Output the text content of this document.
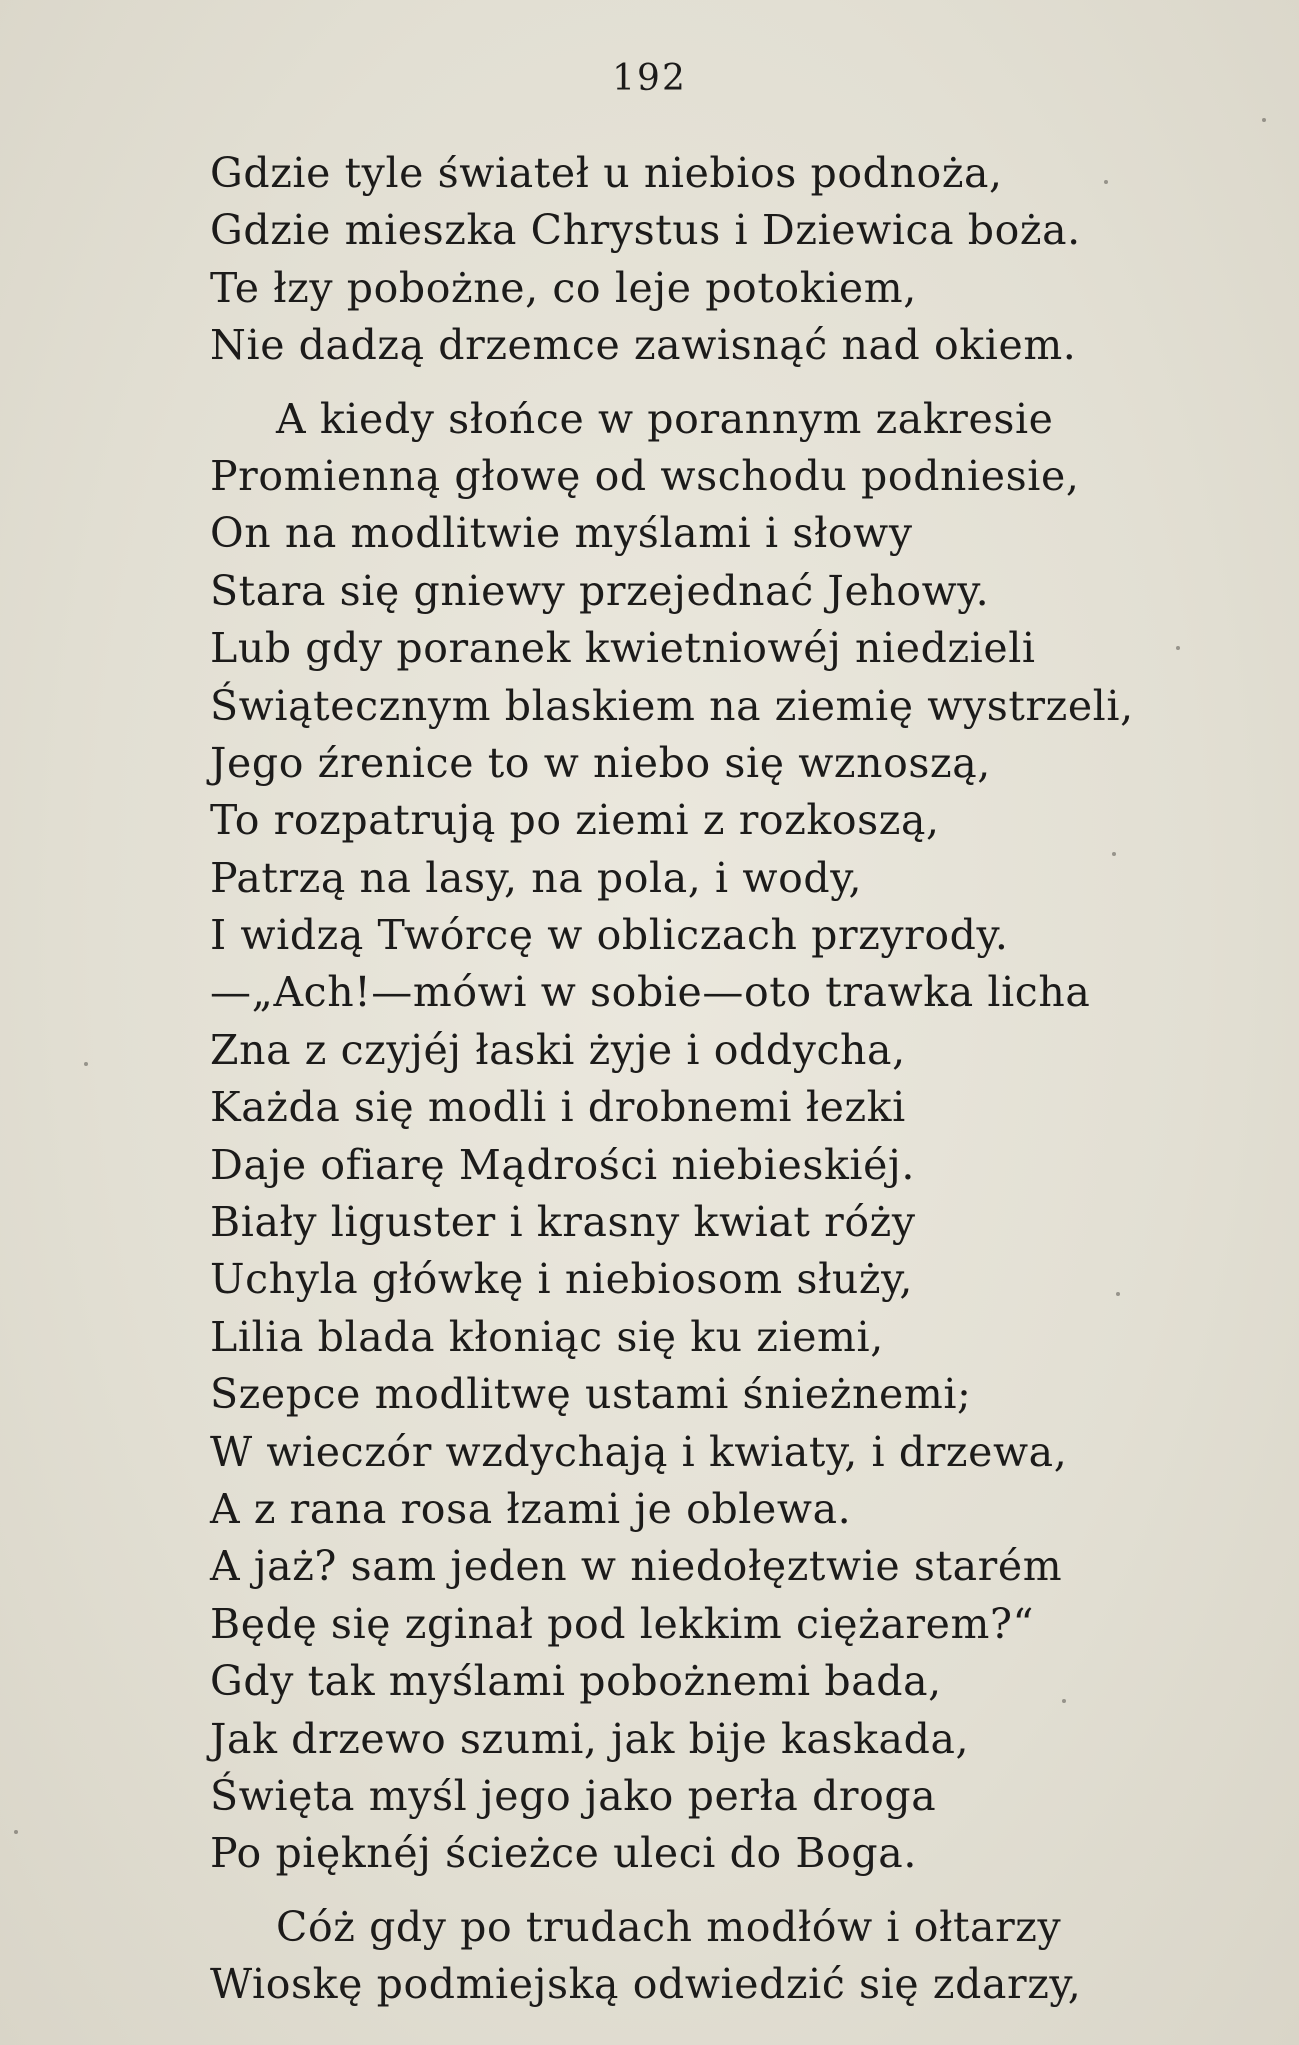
192
Gdzie tyle świateł u niebios podnoża,
Gdzie mieszka Chrystus i Dziewica boża.
Te łzy pobożne, co leje potokiem,
Nie dadzą drzemce zawisnąć nad okiem.
A kiedy słońce w porannym zakresie
Promienną głowę od wschodu podniesie,
On na modlitwie myślami i słowy
Stara się gniewy przejednać Jehowy.
Lub gdy poranek kwietniowéj niedzieli
Świątecznym blaskiem na ziemię wystrzeli,
Jego źrenice to w niebo się wznoszą,
To rozpatrują po ziemi z rozkoszą,
Patrzą na lasy, na pola, i wody,
I widzą Twórcę w obliczach przyrody.
—„Ach!—mówi w sobie—oto trawka licha
Zna z czyjéj łaski żyje i oddycha,
Każda się modli i drobnemi łezki
Daje ofiarę Mądrości niebieskiéj.
Biały liguster i krasny kwiat róży
Uchyla główkę i niebiosom służy,
Lilia blada kłoniąc się ku ziemi,
Szepce modlitwę ustami śnieżnemi;
W wieczór wzdychają i kwiaty, i drzewa,
A z rana rosa łzami je oblewa.
A jaż? sam jeden w niedołęztwie starém
Będę się zginał pod lekkim ciężarem?“
Gdy tak myślami pobożnemi bada,
Jak drzewo szumi, jak bije kaskada,
Święta myśl jego jako perła droga
Po pięknéj ścieżce uleci do Boga.
Cóż gdy po trudach modłów i ołtarzy
Wioskę podmiejską odwiedzić się zdarzy,
